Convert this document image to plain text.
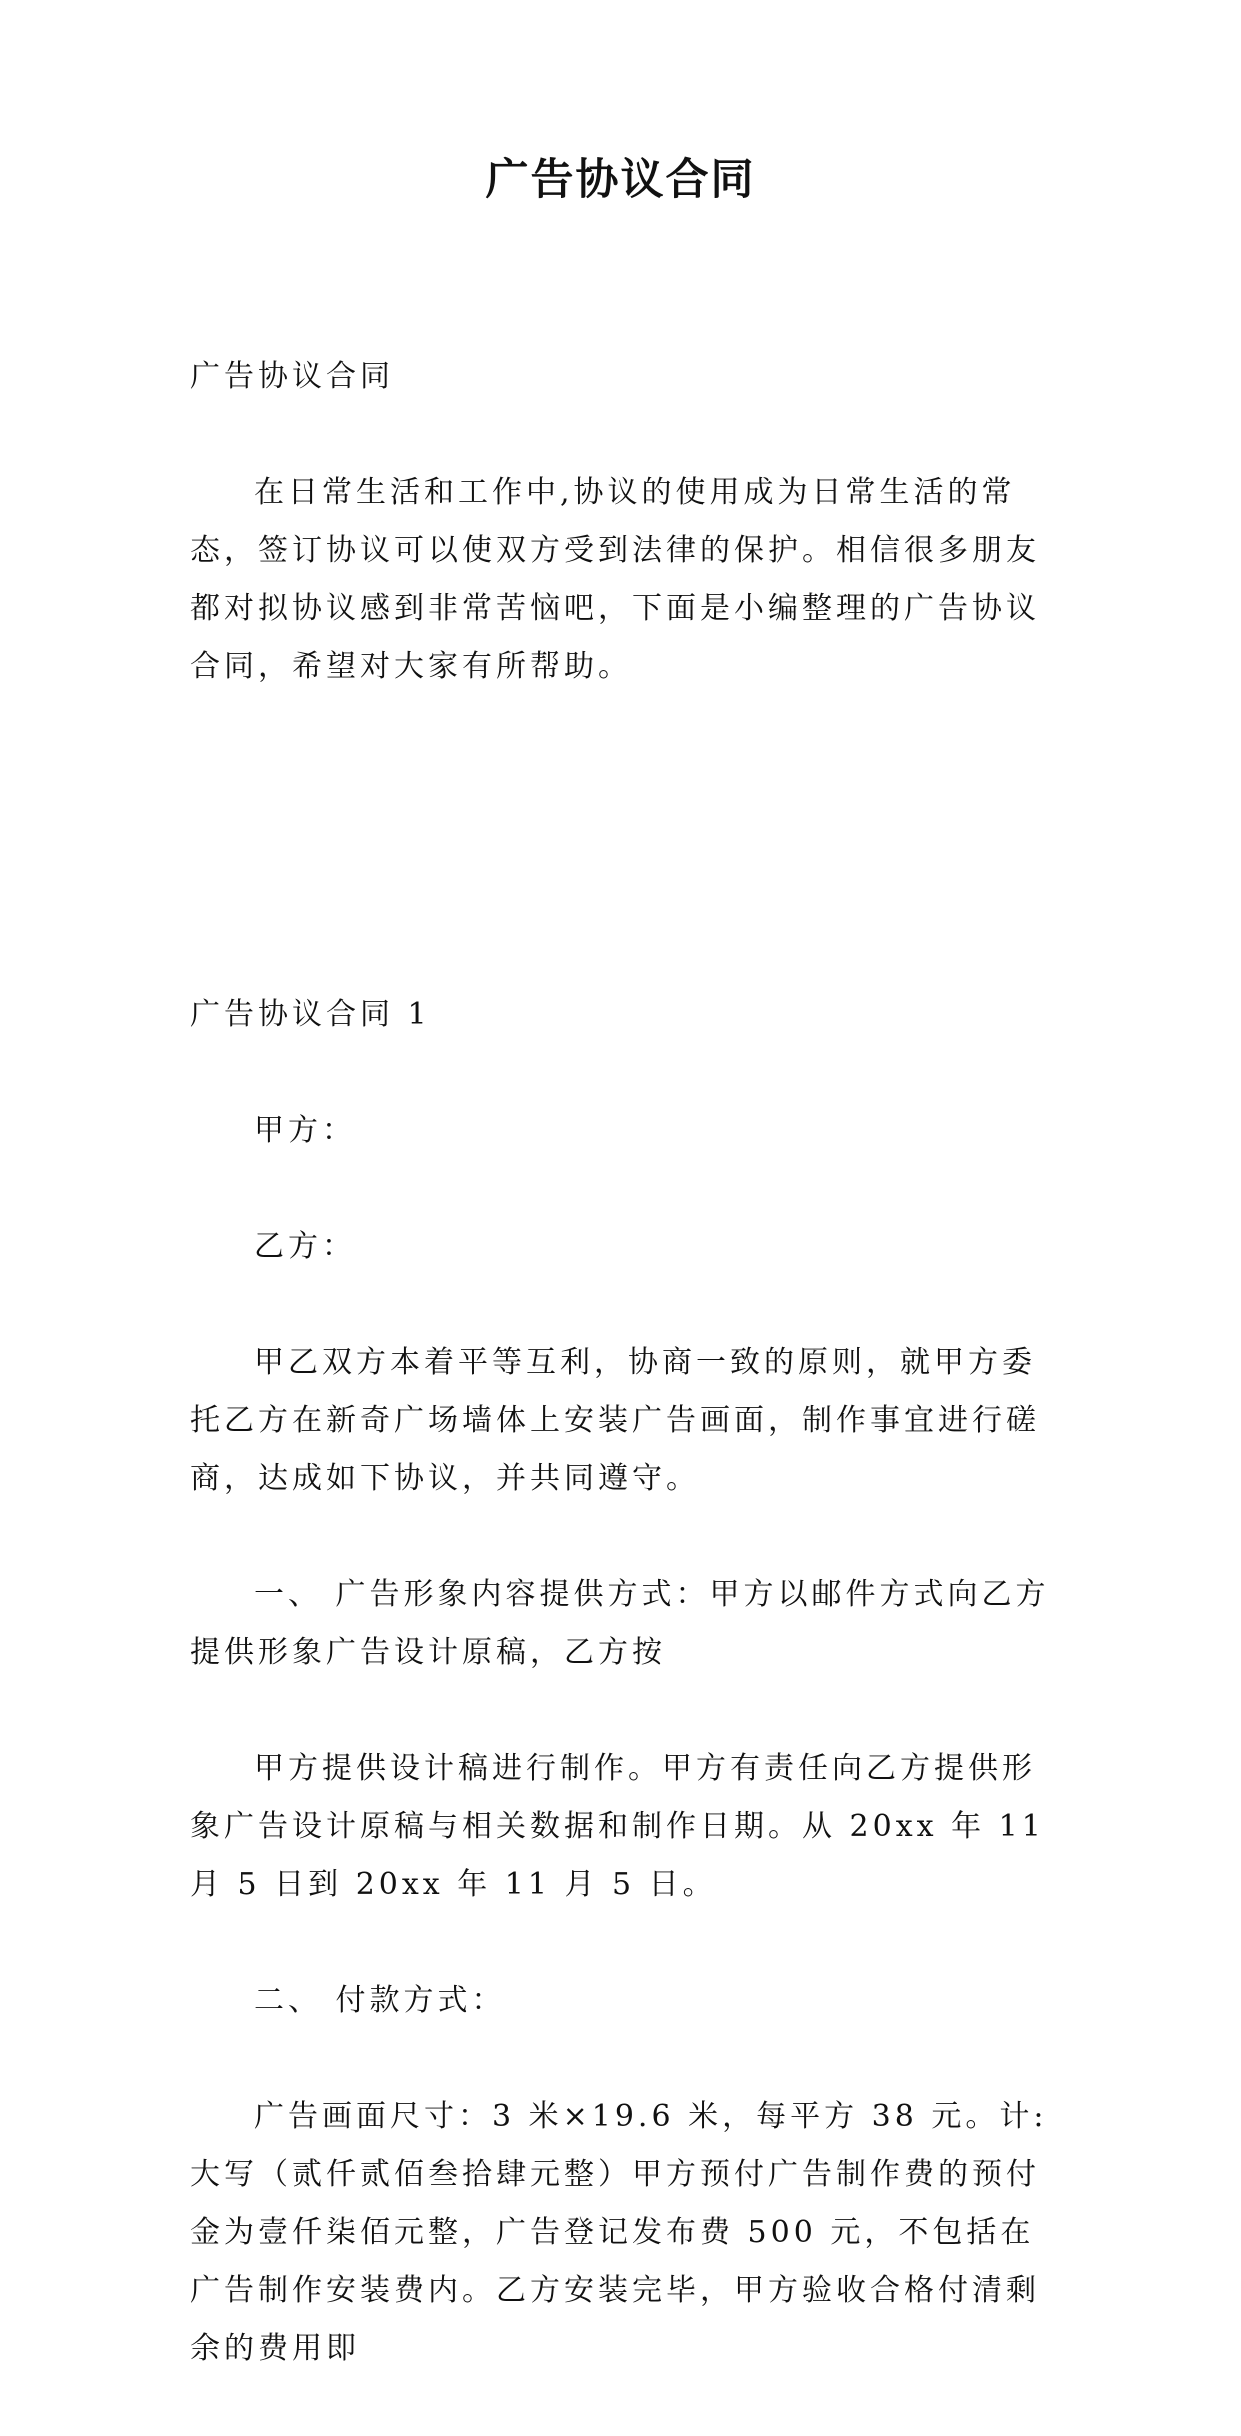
广告协议合同

广告协议合同

在日常生活和工作中,协议的使用成为日常生活的常态，签订协议可以使双方受到法律的保护。相信很多朋友都对拟协议感到非常苦恼吧，下面是小编整理的广告协议合同，希望对大家有所帮助。

广告协议合同 1

甲方：

乙方：

甲乙双方本着平等互利，协商一致的原则，就甲方委托乙方在新奇广场墙体上安装广告画面，制作事宜进行磋商，达成如下协议，并共同遵守。

一、 广告形象内容提供方式：甲方以邮件方式向乙方提供形象广告设计原稿，乙方按

甲方提供设计稿进行制作。甲方有责任向乙方提供形象广告设计原稿与相关数据和制作日期。从 20xx 年 11 月 5 日到 20xx 年 11 月 5 日。

二、 付款方式：

广告画面尺寸：3 米×19.6 米，每平方 38 元。计:大写（贰仟贰佰叁拾肆元整）甲方预付广告制作费的预付金为壹仟柒佰元整，广告登记发布费 500 元，不包括在广告制作安装费内。乙方安装完毕，甲方验收合格付清剩余的费用即
